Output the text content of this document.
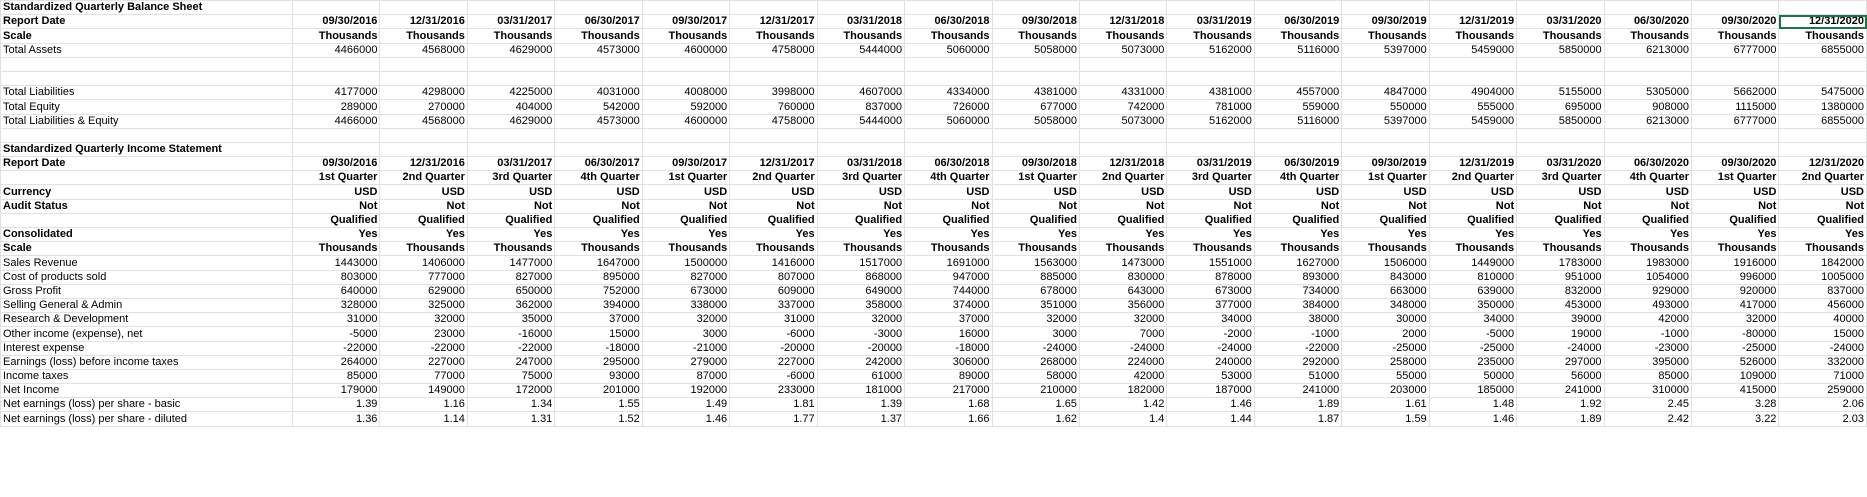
Standardized Quarterly Balance Sheet																		
Report Date	09/30/2016	12/31/2016	03/31/2017	06/30/2017	09/30/2017	12/31/2017	03/31/2018	06/30/2018	09/30/2018	12/31/2018	03/31/2019	06/30/2019	09/30/2019	12/31/2019	03/31/2020	06/30/2020	09/30/2020	12/31/2020
Scale	Thousands	Thousands	Thousands	Thousands	Thousands	Thousands	Thousands	Thousands	Thousands	Thousands	Thousands	Thousands	Thousands	Thousands	Thousands	Thousands	Thousands	Thousands
Total Assets	4466000	4568000	4629000	4573000	4600000	4758000	5444000	5060000	5058000	5073000	5162000	5116000	5397000	5459000	5850000	6213000	6777000	6855000

Total Liabilities	4177000	4298000	4225000	4031000	4008000	3998000	4607000	4334000	4381000	4331000	4381000	4557000	4847000	4904000	5155000	5305000	5662000	5475000
Total Equity	289000	270000	404000	542000	592000	760000	837000	726000	677000	742000	781000	559000	550000	555000	695000	908000	1115000	1380000
Total Liabilities & Equity	4466000	4568000	4629000	4573000	4600000	4758000	5444000	5060000	5058000	5073000	5162000	5116000	5397000	5459000	5850000	6213000	6777000	6855000

Standardized Quarterly Income Statement																		
Report Date	09/30/2016	12/31/2016	03/31/2017	06/30/2017	09/30/2017	12/31/2017	03/31/2018	06/30/2018	09/30/2018	12/31/2018	03/31/2019	06/30/2019	09/30/2019	12/31/2019	03/31/2020	06/30/2020	09/30/2020	12/31/2020
	1st Quarter	2nd Quarter	3rd Quarter	4th Quarter	1st Quarter	2nd Quarter	3rd Quarter	4th Quarter	1st Quarter	2nd Quarter	3rd Quarter	4th Quarter	1st Quarter	2nd Quarter	3rd Quarter	4th Quarter	1st Quarter	2nd Quarter
Currency	USD	USD	USD	USD	USD	USD	USD	USD	USD	USD	USD	USD	USD	USD	USD	USD	USD	USD
Audit Status	Not	Not	Not	Not	Not	Not	Not	Not	Not	Not	Not	Not	Not	Not	Not	Not	Not	Not
	Qualified	Qualified	Qualified	Qualified	Qualified	Qualified	Qualified	Qualified	Qualified	Qualified	Qualified	Qualified	Qualified	Qualified	Qualified	Qualified	Qualified	Qualified
Consolidated	Yes	Yes	Yes	Yes	Yes	Yes	Yes	Yes	Yes	Yes	Yes	Yes	Yes	Yes	Yes	Yes	Yes	Yes
Scale	Thousands	Thousands	Thousands	Thousands	Thousands	Thousands	Thousands	Thousands	Thousands	Thousands	Thousands	Thousands	Thousands	Thousands	Thousands	Thousands	Thousands	Thousands
Sales Revenue	1443000	1406000	1477000	1647000	1500000	1416000	1517000	1691000	1563000	1473000	1551000	1627000	1506000	1449000	1783000	1983000	1916000	1842000
Cost of products sold	803000	777000	827000	895000	827000	807000	868000	947000	885000	830000	878000	893000	843000	810000	951000	1054000	996000	1005000
Gross Profit	640000	629000	650000	752000	673000	609000	649000	744000	678000	643000	673000	734000	663000	639000	832000	929000	920000	837000
Selling General & Admin	328000	325000	362000	394000	338000	337000	358000	374000	351000	356000	377000	384000	348000	350000	453000	493000	417000	456000
Research & Development	31000	32000	35000	37000	32000	31000	32000	37000	32000	32000	34000	38000	30000	34000	39000	42000	32000	40000
Other income (expense), net	-5000	23000	-16000	15000	3000	-6000	-3000	16000	3000	7000	-2000	-1000	2000	-5000	19000	-1000	-80000	15000
Interest expense	-22000	-22000	-22000	-18000	-21000	-20000	-20000	-18000	-24000	-24000	-24000	-22000	-25000	-25000	-24000	-23000	-25000	-24000
Earnings (loss) before income taxes	264000	227000	247000	295000	279000	227000	242000	306000	268000	224000	240000	292000	258000	235000	297000	395000	526000	332000
Income taxes	85000	77000	75000	93000	87000	-6000	61000	89000	58000	42000	53000	51000	55000	50000	56000	85000	109000	71000
Net Income	179000	149000	172000	201000	192000	233000	181000	217000	210000	182000	187000	241000	203000	185000	241000	310000	415000	259000
Net earnings (loss) per share - basic	1.39	1.16	1.34	1.55	1.49	1.81	1.39	1.68	1.65	1.42	1.46	1.89	1.61	1.48	1.92	2.45	3.28	2.06
Net earnings (loss) per share - diluted	1.36	1.14	1.31	1.52	1.46	1.77	1.37	1.66	1.62	1.4	1.44	1.87	1.59	1.46	1.89	2.42	3.22	2.03
